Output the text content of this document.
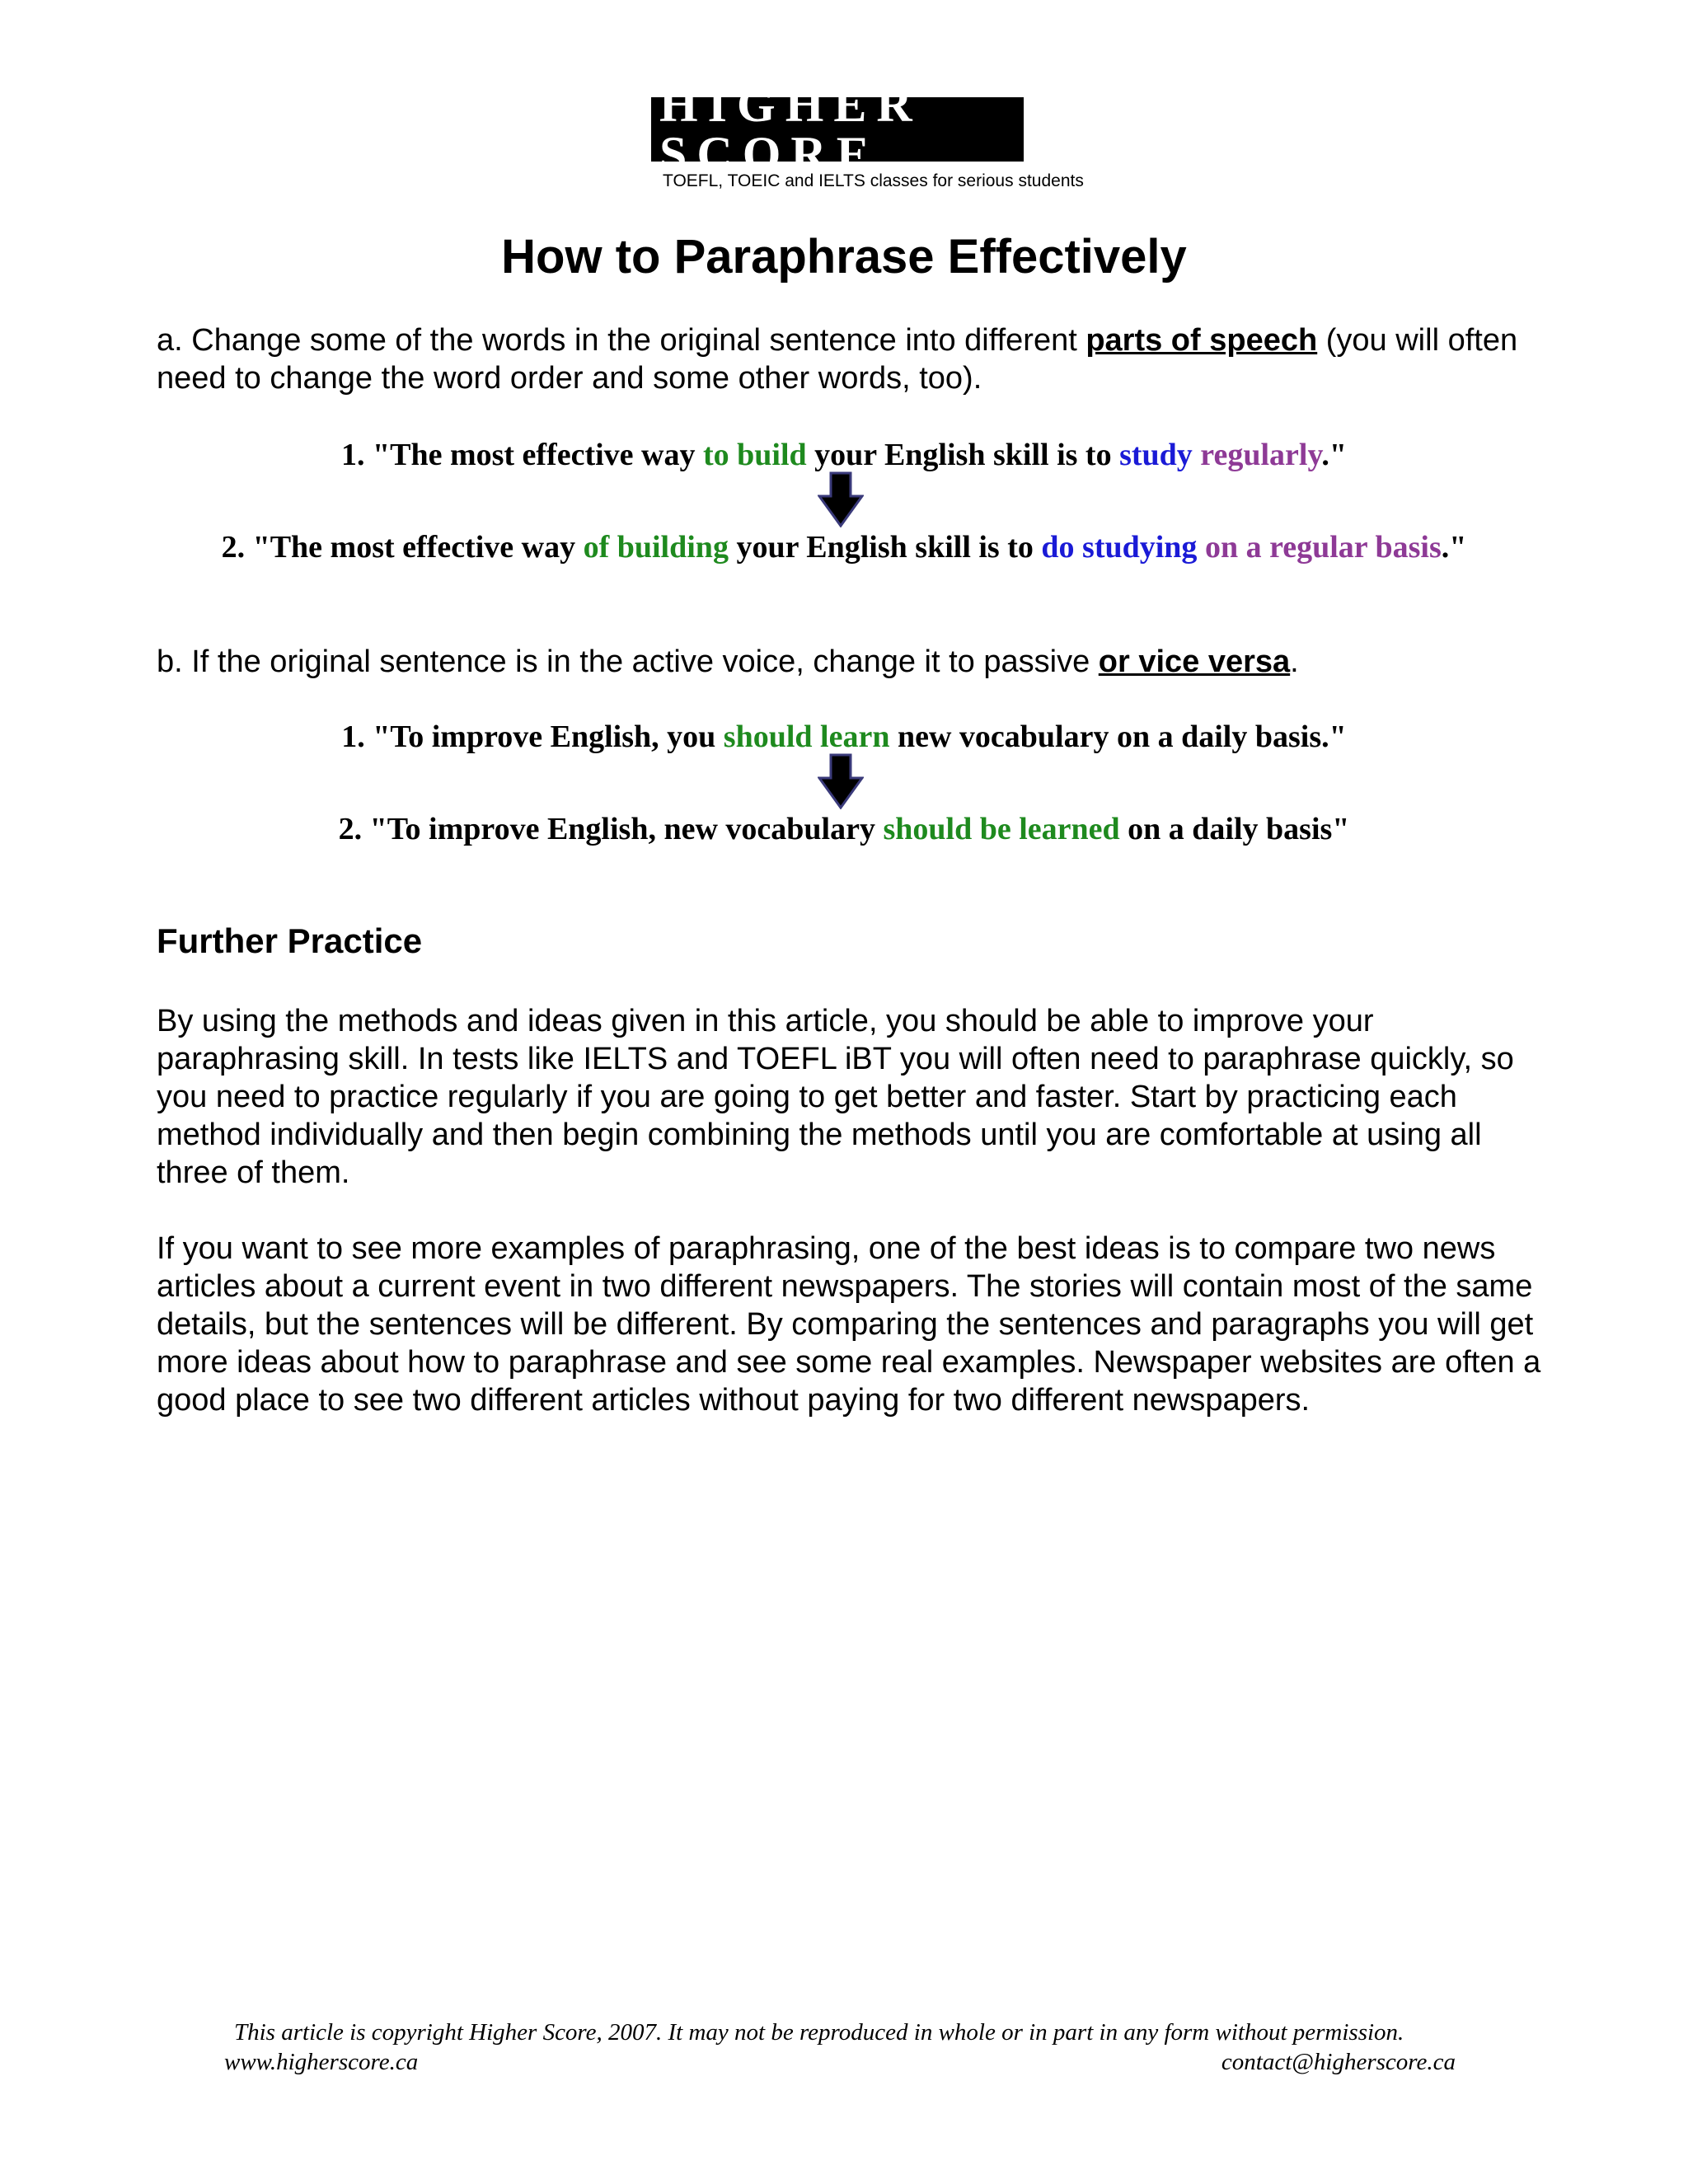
HIGHER SCORE
TOEFL, TOEIC and IELTS classes for serious students
How to Paraphrase Effectively

a. Change some of the words in the original sentence into different parts of speech (you will often need to change the word order and some other words, too).

1. "The most effective way to build your English skill is to study regularly."

2. "The most effective way of building your English skill is to do studying on a regular basis."

b. If the original sentence is in the active voice, change it to passive or vice versa.

1. "To improve English, you should learn new vocabulary on a daily basis."

2. "To improve English, new vocabulary should be learned on a daily basis"

Further Practice

By using the methods and ideas given in this article, you should be able to improve your paraphrasing skill. In tests like IELTS and TOEFL iBT you will often need to paraphrase quickly, so you need to practice regularly if you are going to get better and faster. Start by practicing each method individually and then begin combining the methods until you are comfortable at using all three of them.

If you want to see more examples of paraphrasing, one of the best ideas is to compare two news articles about a current event in two different newspapers. The stories will contain most of the same details, but the sentences will be different. By comparing the sentences and paragraphs you will get more ideas about how to paraphrase and see some real examples. Newspaper websites are often a good place to see two different articles without paying for two different newspapers.

This article is copyright Higher Score, 2007. It may not be reproduced in whole or in part in any form without permission.

www.higherscore.ca	contact@higherscore.ca
